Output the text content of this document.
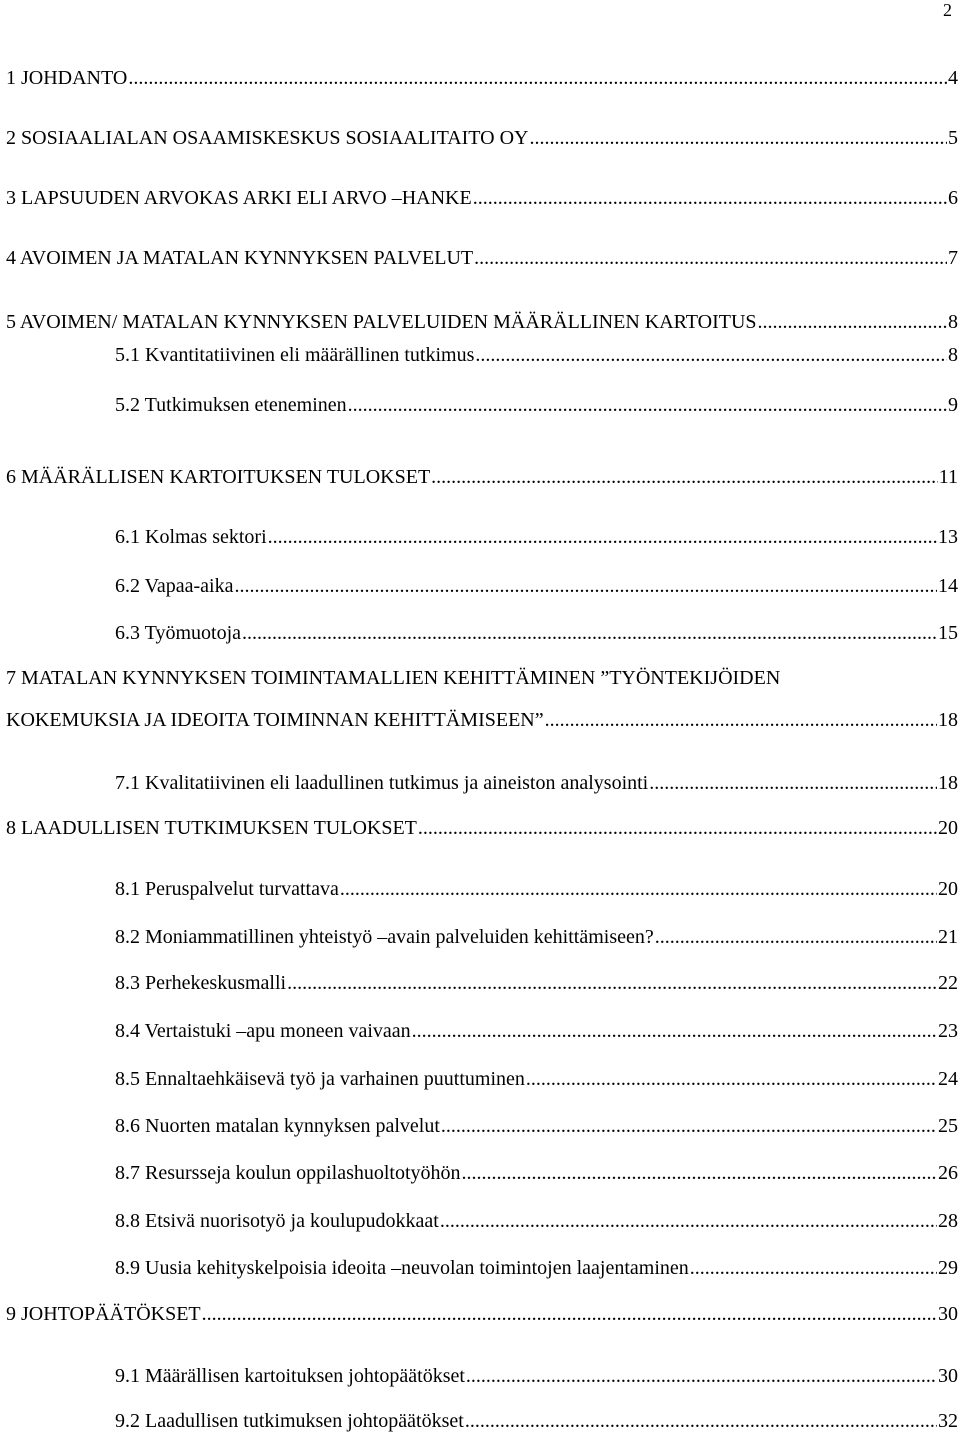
2
1 JOHDANTO .....	4
2 SOSIAALIALAN OSAAMISKESKUS SOSIAALITAITO OY .....	5
3 LAPSUUDEN ARVOKAS ARKI ELI ARVO –HANKE .....	6
4 AVOIMEN JA MATALAN KYNNYKSEN PALVELUT .....	7
5 AVOIMEN/ MATALAN KYNNYKSEN PALVELUIDEN MÄÄRÄLLINEN KARTOITUS .....	8
5.1 Kvantitatiivinen eli määrällinen tutkimus .....	8
5.2 Tutkimuksen eteneminen .....	9
6 MÄÄRÄLLISEN KARTOITUKSEN TULOKSET .....	11
6.1 Kolmas sektori .....	13
6.2 Vapaa-aika .....	14
6.3 Työmuotoja .....	15
7 MATALAN KYNNYKSEN TOIMINTAMALLIEN KEHITTÄMINEN ”TYÖNTEKIJÖIDEN
KOKEMUKSIA JA IDEOITA TOIMINNAN KEHITTÄMISEEN” .....	18
7.1 Kvalitatiivinen eli laadullinen tutkimus ja aineiston analysointi .....	18
8 LAADULLISEN TUTKIMUKSEN TULOKSET .....	20
8.1 Peruspalvelut turvattava .....	20
8.2 Moniammatillinen yhteistyö –avain palveluiden kehittämiseen? .....	21
8.3 Perhekeskusmalli .....	22
8.4 Vertaistuki –apu moneen vaivaan .....	23
8.5 Ennaltaehkäisevä työ ja varhainen puuttuminen .....	24
8.6 Nuorten matalan kynnyksen palvelut .....	25
8.7 Resursseja koulun oppilashuoltotyöhön .....	26
8.8 Etsivä nuorisotyö ja koulupudokkaat .....	28
8.9 Uusia kehityskelpoisia ideoita –neuvolan toimintojen laajentaminen .....	29
9 JOHTOPÄÄTÖKSET .....	30
9.1 Määrällisen kartoituksen johtopäätökset .....	30
9.2 Laadullisen tutkimuksen johtopäätökset .....	32
